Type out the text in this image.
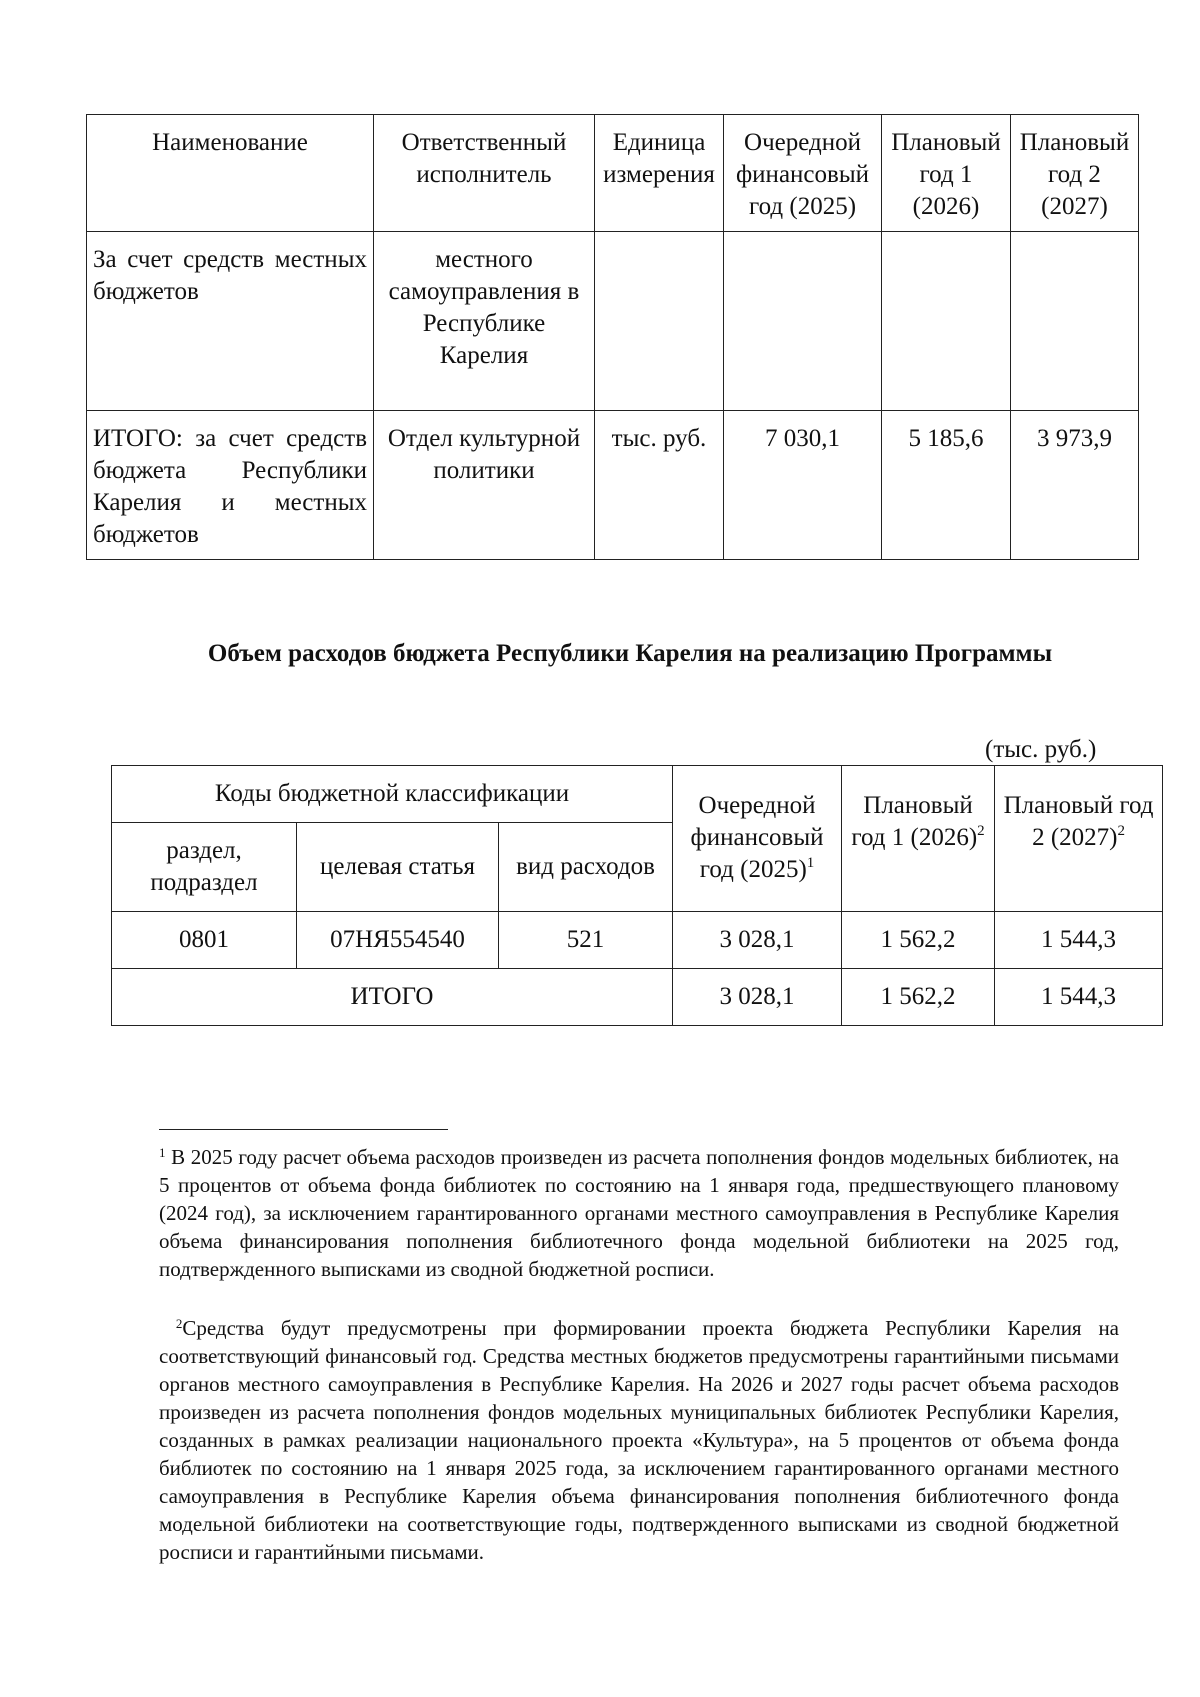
Наименование	Ответственный исполнитель	Единица измерения	Очередной финансовый год (2025)	Плановый год 1 (2026)	Плановый год 2 (2027)
За счет средств местных бюджетов	местного самоуправления в Республике Карелия				
ИТОГО: за счет средств бюджета Республики Карелия и местных бюджетов	Отдел культурной политики	тыс. руб.	7 030,1	5 185,6	3 973,9
Объем расходов бюджета Республики Карелия на реализацию Программы
(тыс. руб.)
Коды бюджетной классификации			Очередной финансовый год $(2025)^1$	Плановый год 1 $(2026)^2$	Плановый год 2 $(2027)^2$
раздел, подраздел	целевая статья	вид расходов			
0801	07НЯ554540	521	3 028,1	1 562,2	1 544,3
ИТОГО			3 028,1	1 562,2	1 544,3
$^1$ В 2025 году расчет объема расходов произведен из расчета пополнения фондов модельных библиотек, на 5 процентов от объема фонда библиотек по состоянию на 1 января года, предшествующего плановому (2024 год), за исключением гарантированного органами местного самоуправления в Республике Карелия объема финансирования пополнения библиотечного фонда модельной библиотеки на 2025 год, подтвержденного выписками из сводной бюджетной росписи.
$^2$Средства будут предусмотрены при формировании проекта бюджета Республики Карелия на соответствующий финансовый год. Средства местных бюджетов предусмотрены гарантийными письмами органов местного самоуправления в Республике Карелия. На 2026 и 2027 годы расчет объема расходов произведен из расчета пополнения фондов модельных муниципальных библиотек Республики Карелия, созданных в рамках реализации национального проекта «Культура», на 5 процентов от объема фонда библиотек по состоянию на 1 января 2025 года, за исключением гарантированного органами местного самоуправления в Республике Карелия объема финансирования пополнения библиотечного фонда модельной библиотеки на соответствующие годы, подтвержденного выписками из сводной бюджетной росписи и гарантийными письмами.
